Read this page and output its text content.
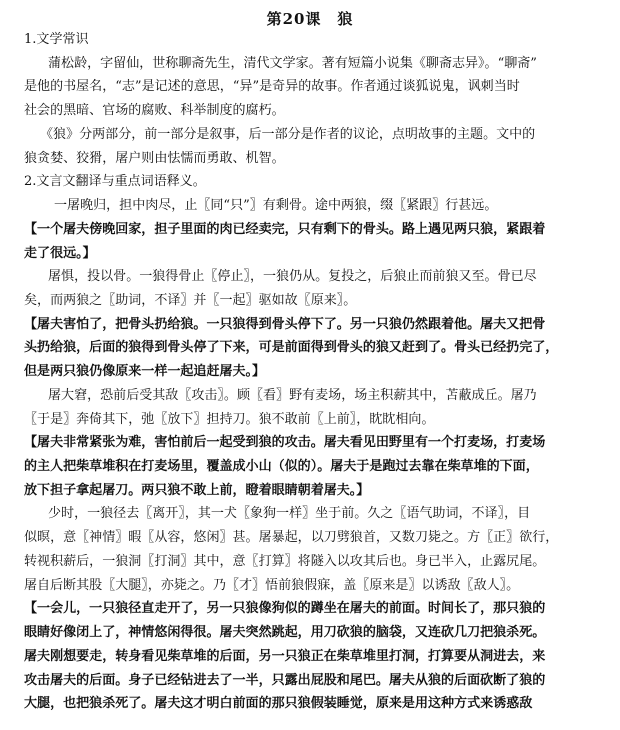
第20课　狼
1.文学常识
蒲松龄，字留仙，世称聊斋先生，清代文学家。著有短篇小说集《聊斋志异》。“聊斋”
是他的书屋名，“志”是记述的意思，“异”是奇异的故事。作者通过谈狐说鬼，讽刺当时
社会的黑暗、官场的腐败、科举制度的腐朽。
《狼》分两部分，前一部分是叙事，后一部分是作者的议论，点明故事的主题。文中的
狼贪婪、狡猾，屠户则由怯懦而勇敢、机智。
2.文言文翻译与重点词语释义。
一屠晚归，担中肉尽，止〖同“只”〗有剩骨。途中两狼，缀〖紧跟〗行甚远。
【一个屠夫傍晚回家，担子里面的肉已经卖完，只有剩下的骨头。路上遇见两只狼，紧跟着
走了很远。】
屠惧，投以骨。一狼得骨止〖停止〗，一狼仍从。复投之，后狼止而前狼又至。骨已尽
矣，而两狼之〖助词，不译〗并〖一起〗驱如故〖原来〗。
【屠夫害怕了，把骨头扔给狼。一只狼得到骨头停下了。另一只狼仍然跟着他。屠夫又把骨
头扔给狼，后面的狼得到骨头停了下来，可是前面得到骨头的狼又赶到了。骨头已经扔完了，
但是两只狼仍像原来一样一起追赶屠夫。】
屠大窘，恐前后受其敌〖攻击〗。顾〖看〗野有麦场，场主积薪其中，苫蔽成丘。屠乃
〖于是〗奔倚其下，弛〖放下〗担持刀。狼不敢前〖上前〗，眈眈相向。
【屠夫非常紧张为难，害怕前后一起受到狼的攻击。屠夫看见田野里有一个打麦场，打麦场
的主人把柴草堆积在打麦场里，覆盖成小山（似的）。屠夫于是跑过去靠在柴草堆的下面，
放下担子拿起屠刀。两只狼不敢上前，瞪着眼睛朝着屠夫。】
少时，一狼径去〖离开〗，其一犬〖象狗一样〗坐于前。久之〖语气助词，不译〗，目
似暝，意〖神情〗暇〖从容，悠闲〗甚。屠暴起，以刀劈狼首，又数刀毙之。方〖正〗欲行，
转视积薪后，一狼洞〖打洞〗其中，意〖打算〗将隧入以攻其后也。身已半入，止露尻尾。
屠自后断其股〖大腿〗，亦毙之。乃〖才〗悟前狼假寐，盖〖原来是〗以诱敌〖敌人〗。
【一会儿，一只狼径直走开了，另一只狼像狗似的蹲坐在屠夫的前面。时间长了，那只狼的
眼睛好像闭上了，神情悠闲得很。屠夫突然跳起，用刀砍狼的脑袋，又连砍几刀把狼杀死。
屠夫刚想要走，转身看见柴草堆的后面，另一只狼正在柴草堆里打洞，打算要从洞进去，来
攻击屠夫的后面。身子已经钻进去了一半，只露出屁股和尾巴。屠夫从狼的后面砍断了狼的
大腿，也把狼杀死了。屠夫这才明白前面的那只狼假装睡觉，原来是用这种方式来诱惑敌
